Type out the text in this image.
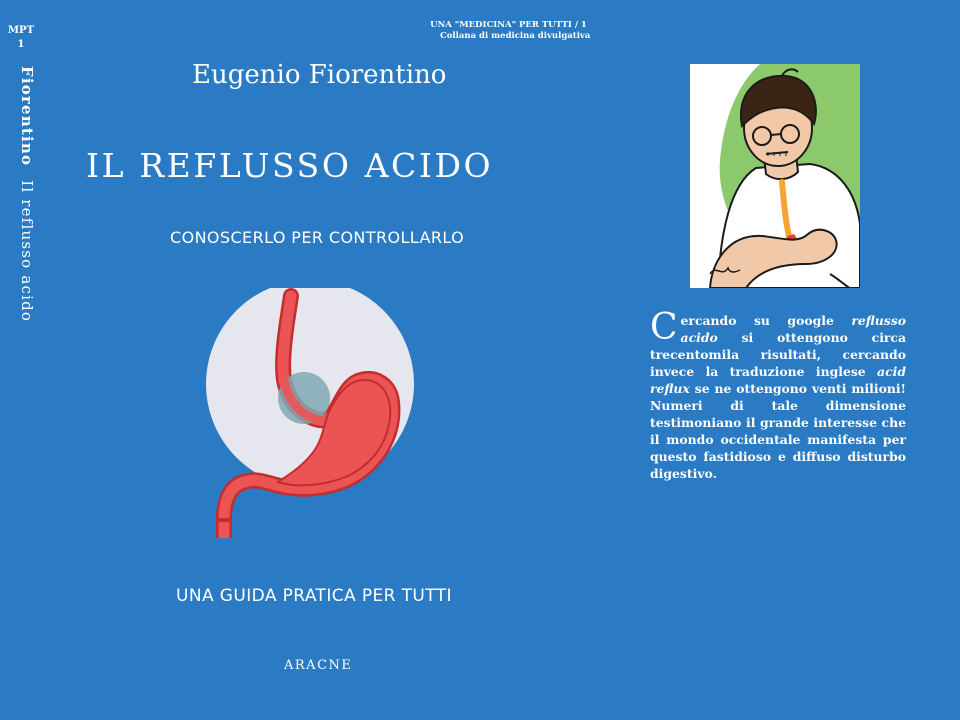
MPT
1
Fiorentino Il reflusso acido
| UNA "MEDICINA" PER TUTTI / 1
Collana di medicina divulgativa
Eugenio Fiorentino
IL REFLUSSO ACIDO
CONOSCERLO PER CONTROLLARLO
UNA GUIDA PRATICA PER TUTTI
ARACNE
Cercando su google reflusso acido si ottengono circa trecentomila risultati, cercando invece la traduzione inglese acid reflux se ne ottengono venti milioni! Numeri di tale dimensione testimoniano il grande interesse che il mondo occidentale manifesta per questo fastidioso e diffuso disturbo digestivo.
